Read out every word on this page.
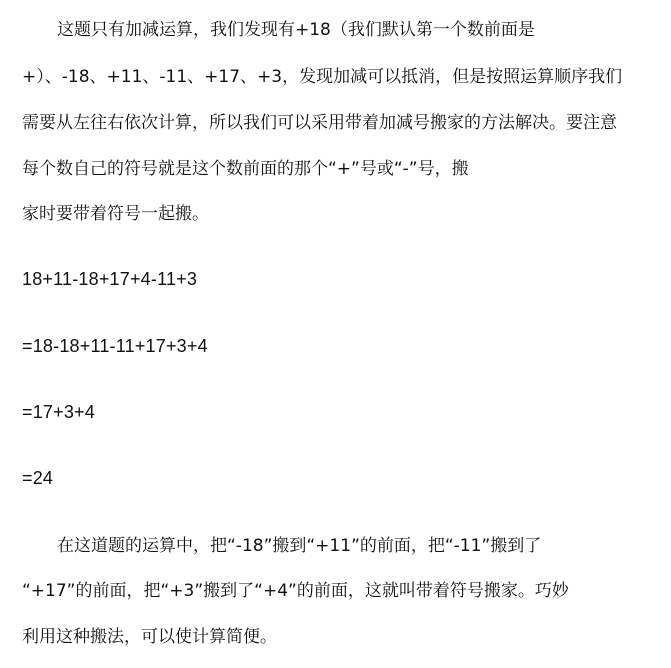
这题只有加减运算，我们发现有+18（我们默认第一个数前面是
+）、-18、+11、-11、+17、+3，发现加减可以抵消，但是按照运算顺序我们
需要从左往右依次计算，所以我们可以采用带着加减号搬家的方法解决。要注意
每个数自己的符号就是这个数前面的那个“+”号或“-”号，搬
家时要带着符号一起搬。
18+11-18+17+4-11+3
=18-18+11-11+17+3+4
=17+3+4
=24
在这道题的运算中，把“-18”搬到“+11”的前面，把“-11”搬到了
“+17”的前面，把“+3”搬到了“+4”的前面，这就叫带着符号搬家。巧妙
利用这种搬法，可以使计算简便。
